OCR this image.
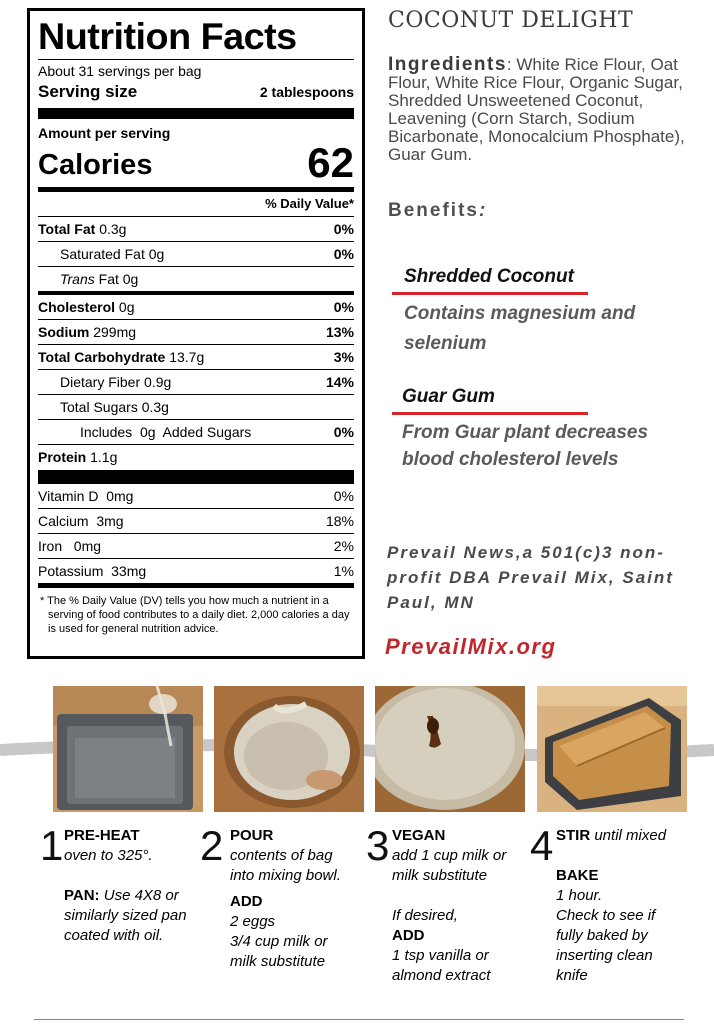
Nutrition Facts
About 31 servings per bag
Serving size	2 tablespoons
Amount per serving
Calories	62
% Daily Value*
Total Fat 0.3g	0%
Saturated Fat 0g	0%
Trans Fat 0g
Cholesterol 0g	0%
Sodium 299mg	13%
Total Carbohydrate 13.7g	3%
Dietary Fiber 0.9g	14%
Total Sugars 0.3g
Includes 0g Added Sugars	0%
Protein 1.1g
Vitamin D 0mg	0%
Calcium 3mg	18%
Iron 0mg	2%
Potassium 33mg	1%
* The % Daily Value (DV) tells you how much a nutrient in a serving of food contributes to a daily diet. 2,000 calories a day is used for general nutrition advice.
COCONUT DELIGHT
Ingredients: White Rice Flour, Oat Flour, White Rice Flour, Organic Sugar, Shredded Unsweetened Coconut, Leavening (Corn Starch, Sodium Bicarbonate, Monocalcium Phosphate), Guar Gum.
Benefits:
Shredded Coconut
Contains magnesium and selenium
Guar Gum
From Guar plant decreases blood cholesterol levels
Prevail News,a 501(c)3 non-profit DBA Prevail Mix, Saint Paul, MN
PrevailMix.org
1 PRE-HEAT
oven to 325°.
PAN: Use 4X8 or similarly sized pan coated with oil.
2 POUR
contents of bag into mixing bowl.
ADD
2 eggs
3/4 cup milk or milk substitute
3 VEGAN
add 1 cup milk or milk substitute
If desired,
ADD
1 tsp vanilla or almond extract
4 STIR until mixed
BAKE
1 hour.
Check to see if fully baked by inserting clean knife
